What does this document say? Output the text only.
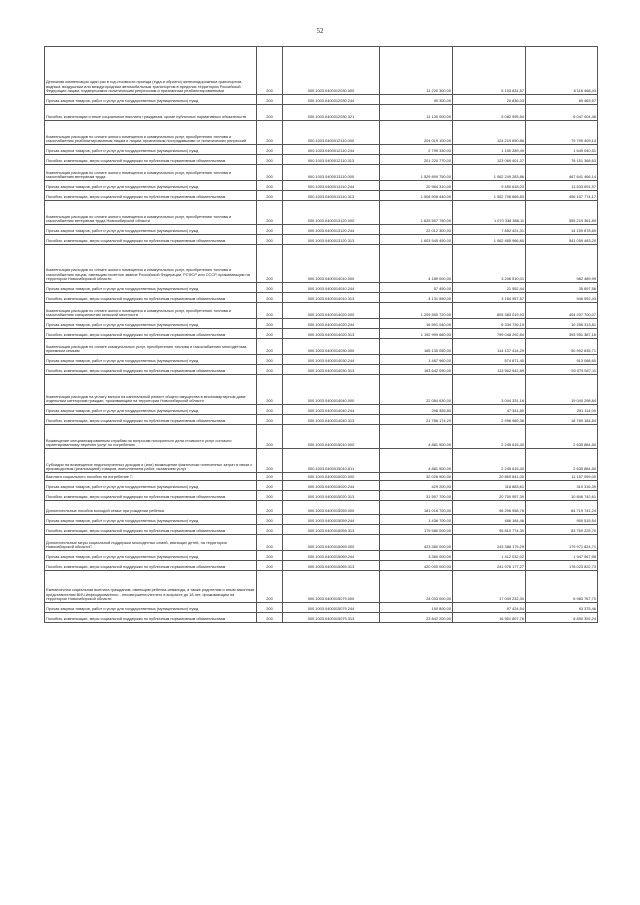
52
Денежная компенсация один раз в год стоимости проезда (туда и обратно) железнодорожным транспортом, водным, воздушным или междугородным автомобильным транспортом в пределах территории Российской Федерации лицам, подвергшимся политическим репрессиям и признанным реабилитированными	200	000.1003.0400012030.000	11 220 300,00	5 103 831,57	6 116 468,43
Прочая закупка товаров, работ и услуг для государственных (муниципальных) нужд	200	000.1003.0400012030.244	90 300,00	20 836,03	69 463,97
Пособия, компенсации и иные социальные выплаты гражданам, кроме публичных нормативных обязательств	200	000.1003.0400012030.321	11 130 000,00	5 082 995,54	6 047 004,46
Компенсация расходов по оплате жилого помещения и коммунальных услуг, приобретению топлива и газоснабжению реабилитированным лицам и лицам, признанным пострадавшими от политических репрессий	200	000.1003.0400012110.000	204 019 100,00	124 219 690,86	79 799 409,14
Прочая закупка товаров, работ и услуг для государственных (муниципальных) нужд	200	000.1003.0400012110.244	2 799 330,00	1 150 289,49	1 649 040,51
Пособия, компенсации, меры социальной поддержки по публичным нормативным обязательствам	200	000.1003.0400012110.313	201 220 770,00	123 069 401,37	78 151 368,63
Компенсация расходов по оплате жилого помещения и коммунальных услуг, приобретению топлива и газоснабжению ветеранам труда	200	000.1003.0400013110.000	1 529 890 750,00	1 062 249 283,86	467 641 466,14
Прочая закупка товаров, работ и услуг для государственных (муниципальных) нужд	200	000.1003.0400013110.244	20 984 310,00	9 450 618,03	11 533 691,97
Пособия, компенсации, меры социальной поддержки по публичным нормативным обязательствам	200	000.1003.0400013110.313	1 508 906 440,00	1 052 798 665,83	456 107 774,17
Компенсация расходов по оплате жилого помещения и коммунальных услуг, приобретению топлива и газоснабжению ветеранам труда Новосибирской области	200	000.1003.0400013120.000	1 625 557 750,00	1 070 338 388,11	555 219 361,89
Прочая закупка товаров, работ и услуг для государственных (муниципальных) нужд	200	000.1003.0400013120.244	22 012 300,00	7 852 421,31	14 159 878,69
Пособия, компенсации, меры социальной поддержки по публичным нормативным обязательствам	200	000.1003.0400013120.313	1 603 545 450,00	1 062 485 966,80	541 059 483,20
Компенсация расходов по оплате жилого помещения и коммунальных услуг, приобретению топлива и газоснабжению лицам, имеющим почетное звание Российской Федерации, РСФСР или СССР, проживающим на территории Новосибирской области	200	000.1003.0400014010.000	4 189 000,00	3 206 510,01	982 489,99
Прочая закупка товаров, работ и услуг для государственных (муниципальных) нужд	200	000.1003.0400014010.244	57 450,00	21 552,44	35 897,56
Пособия, компенсации, меры социальной поддержки по публичным нормативным обязательствам	200	000.1003.0400014010.313	4 131 550,00	3 184 957,57	946 592,43
Компенсация расходов по оплате жилого помещения и коммунальных услуг, приобретению топлива и газоснабжению специалистам сельской местности	200	000.1003.0400014020.000	1 209 590 720,00	805 383 019,93	404 207 700,07
Прочая закупка товаров, работ и услуг для государственных (муниципальных) нужд	200	000.1003.0400014020.244	16 591 040,00	6 334 726,19	10 256 313,81
Пособия, компенсации, меры социальной поддержки по публичным нормативным обязательствам	200	000.1003.0400014020.313	1 192 999 680,00	799 048 292,84	393 951 387,16
Компенсация расходов по оплате коммунальных услуг, приобретению топлива и газоснабжению многодетным, приемным семьям	200	000.1003.0400014030.000	165 130 050,00	114 137 414,29	50 992 635,71
Прочая закупка товаров, работ и услуг для государственных (муниципальных) нужд	200	000.1003.0400014030.244	1 487 960,00	574 871,40	913 088,60
Пособия, компенсации, меры социальной поддержки по публичным нормативным обязательствам	200	000.1003.0400014030.313	163 642 090,00	113 562 542,89	50 079 547,11
Компенсация расходов на уплату взноса на капитальный ремонт общего имущества в многоквартирном доме отдельным категориям граждан, проживающим на территории Новосибирской области	200	000.1003.0400014040.000	22 084 630,00	3 044 331,16	19 040 298,84
Прочая закупка товаров, работ и услуг для государственных (муниципальных) нужд	200	000.1003.0400014040.244	298 455,80	47 341,80	251 114,00
Пособия, компенсации, меры социальной поддержки по публичным нормативным обязательствам	200	000.1003.0400014040.313	21 786 174,20	2 996 989,36	18 789 184,84
Возмещение специализированным службам по вопросам похоронного дела стоимости услуг согласно гарантированному перечню услуг по погребению	200	000.1003.0400015010.000	4 881 500,00	2 245 615,40	2 635 884,60
Субсидии на возмещение недополученных доходов и (или) возмещение фактически понесенных затрат в связи с производством (реализацией) товаров, выполнением работ, оказанием услуг	200	000.1003.0400015010.811	4 881 500,00	2 245 615,40	2 635 884,60
Выплата социального пособия на погребение □	200	000.1003.0400015020.000	32 026 900,00	20 869 841,00	11 157 059,00
Прочая закупка товаров, работ и услуг для государственных (муниципальных) нужд	200	000.1003.0400015020.244	429 200,00	118 883,61	310 316,39
Пособия, компенсации, меры социальной поддержки по публичным нормативным обязательствам	200	000.1003.0400015020.313	31 597 700,00	20 750 957,39	10 846 742,61
Дополнительные пособия молодой семье при рождении ребенка	200	000.1003.0400015059.000	181 016 700,00	96 296 958,76	84 719 741,24
Прочая закупка товаров, работ и услуг для государственных (муниципальных) нужд	200	000.1003.0400015059.244	1 436 700,00	486 184,46	950 515,54
Пособия, компенсации, меры социальной поддержки по публичным нормативным обязательствам	200	000.1003.0400015059.313	179 580 000,00	95 810 774,30	83 769 225,70
Дополнительные меры социальной поддержки многодетных семей, имеющих детей, на территории Новосибирской области□	200	000.1003.0400015069.000	423 360 000,00	243 388 175,29	179 971 824,71
Прочая закупка товаров, работ и услуг для государственных (муниципальных) нужд	200	000.1003.0400015069.244	3 360 000,00	1 412 032,02	1 947 967,98
Пособия, компенсации, меры социальной поддержки по публичным нормативным обязательствам	200	000.1003.0400015069.313	420 000 000,00	241 976 177,27	178 023 822,73
Ежемесячная социальная выплата гражданам, имеющим ребенка-инвалида, а также родителям и иным законным представителям ВИЧ-инфицированного - несовершеннолетнего в возрасте до 18 лет, проживающим на территории Новосибирской области	200	000.1003.0400015079.000	24 033 000,00	17 049 232,30	6 983 767,70
Прочая закупка товаров, работ и услуг для государственных (муниципальных) нужд	200	000.1003.0400015079.244	190 800,00	97 424,54	93 375,46
Пособия, компенсации, меры социальной поддержки по публичным нормативным обязательствам	200	000.1003.0400015079.313	23 842 200,00	16 951 807,76	6 890 392,24
